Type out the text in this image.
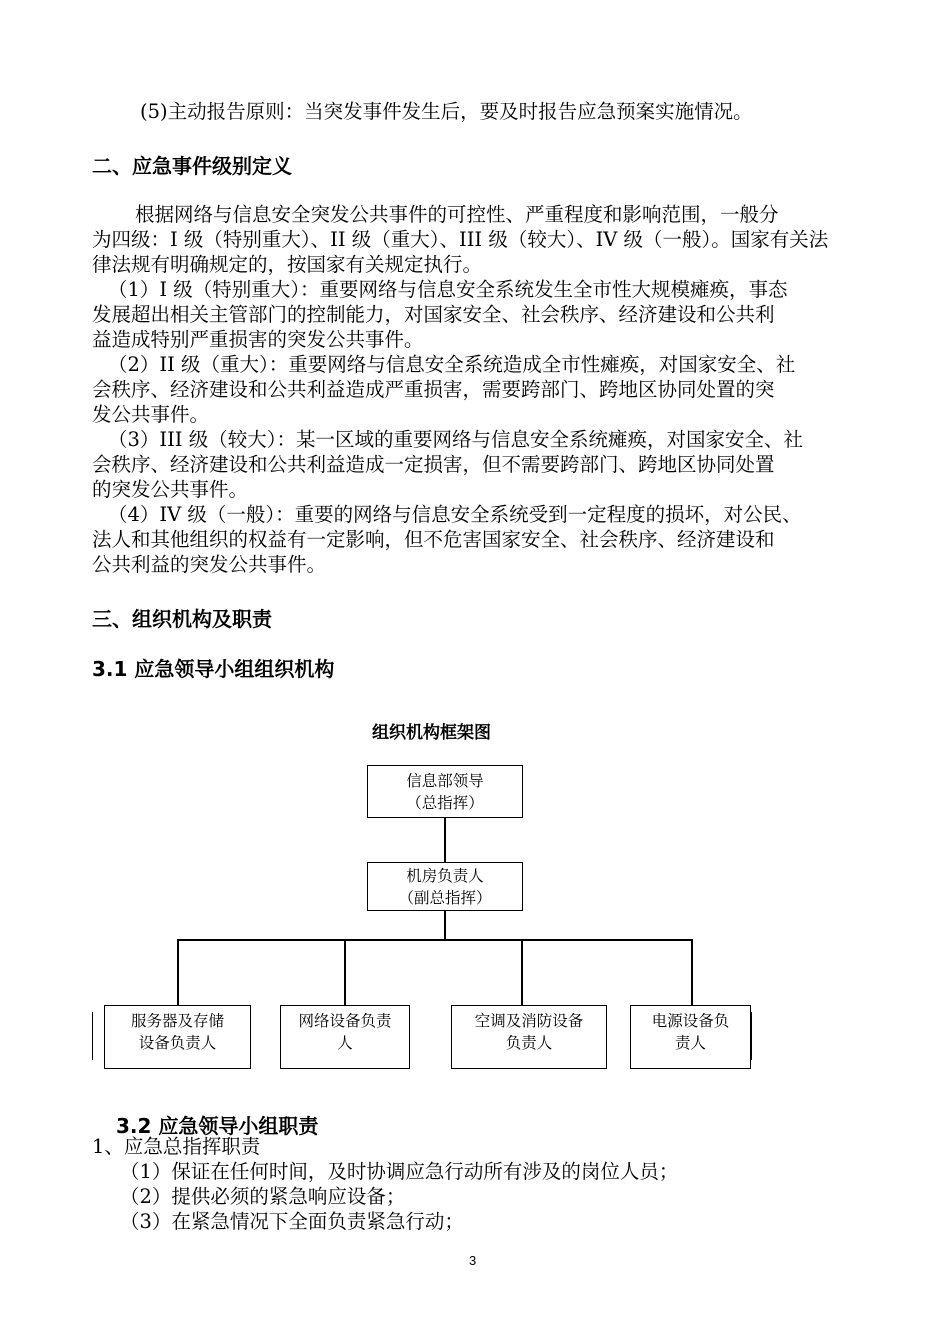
(5)主动报告原则：当突发事件发生后，要及时报告应急预案实施情况。
二、应急事件级别定义
根据网络与信息安全突发公共事件的可控性、严重程度和影响范围，一般分
为四级：I 级（特别重大）、II 级（重大）、III 级（较大）、IV 级（一般）。国家有关法
律法规有明确规定的，按国家有关规定执行。
（1）I 级（特别重大）：重要网络与信息安全系统发生全市性大规模瘫痪，事态
发展超出相关主管部门的控制能力，对国家安全、社会秩序、经济建设和公共利
益造成特别严重损害的突发公共事件。
（2）II 级（重大）：重要网络与信息安全系统造成全市性瘫痪，对国家安全、社
会秩序、经济建设和公共利益造成严重损害，需要跨部门、跨地区协同处置的突
发公共事件。
（3）III 级（较大）：某一区域的重要网络与信息安全系统瘫痪，对国家安全、社
会秩序、经济建设和公共利益造成一定损害，但不需要跨部门、跨地区协同处置
的突发公共事件。
（4）IV 级（一般）：重要的网络与信息安全系统受到一定程度的损坏，对公民、
法人和其他组织的权益有一定影响，但不危害国家安全、社会秩序、经济建设和
公共利益的突发公共事件。
三、组织机构及职责
3.1 应急领导小组组织机构
组织机构框架图
信息部领导
（总指挥）
机房负责人
（副总指挥）
服务器及存储
设备负责人
网络设备负责
人
空调及消防设备
负责人
电源设备负
责人
3.2 应急领导小组职责
1、应急总指挥职责
（1）保证在任何时间，及时协调应急行动所有涉及的岗位人员；
（2）提供必须的紧急响应设备；
（3）在紧急情况下全面负责紧急行动；
3
